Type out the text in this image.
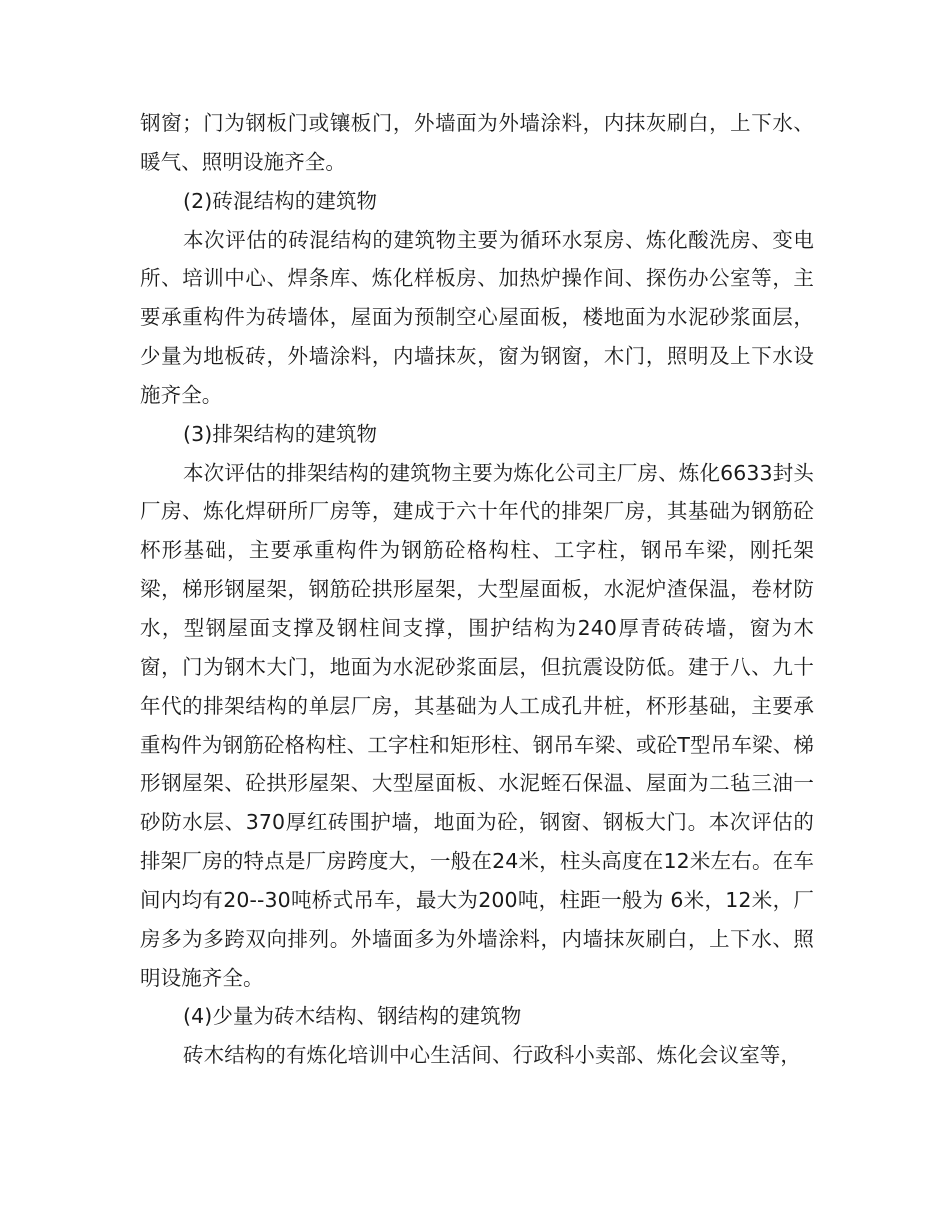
钢窗；门为钢板门或镶板门，外墙面为外墙涂料，内抹灰刷白，上下水、暖气、照明设施齐全。

(2)砖混结构的建筑物

本次评估的砖混结构的建筑物主要为循环水泵房、炼化酸洗房、变电所、培训中心、焊条库、炼化样板房、加热炉操作间、探伤办公室等，主要承重构件为砖墙体，屋面为预制空心屋面板，楼地面为水泥砂浆面层，少量为地板砖，外墙涂料，内墙抹灰，窗为钢窗，木门，照明及上下水设施齐全。

(3)排架结构的建筑物

本次评估的排架结构的建筑物主要为炼化公司主厂房、炼化6633封头厂房、炼化焊研所厂房等，建成于六十年代的排架厂房，其基础为钢筋砼杯形基础，主要承重构件为钢筋砼格构柱、工字柱，钢吊车梁，刚托架梁，梯形钢屋架，钢筋砼拱形屋架，大型屋面板，水泥炉渣保温，卷材防水，型钢屋面支撑及钢柱间支撑，围护结构为240厚青砖砖墙，窗为木窗，门为钢木大门，地面为水泥砂浆面层，但抗震设防低。建于八、九十年代的排架结构的单层厂房，其基础为人工成孔井桩，杯形基础，主要承重构件为钢筋砼格构柱、工字柱和矩形柱、钢吊车梁、或砼T型吊车梁、梯形钢屋架、砼拱形屋架、大型屋面板、水泥蛭石保温、屋面为二毡三油一砂防水层、370厚红砖围护墙，地面为砼，钢窗、钢板大门。本次评估的排架厂房的特点是厂房跨度大，一般在24米，柱头高度在12米左右。在车间内均有20--30吨桥式吊车，最大为200吨，柱距一般为 6米，12米，厂房多为多跨双向排列。外墙面多为外墙涂料，内墙抹灰刷白，上下水、照明设施齐全。

(4)少量为砖木结构、钢结构的建筑物

砖木结构的有炼化培训中心生活间、行政科小卖部、炼化会议室等，
